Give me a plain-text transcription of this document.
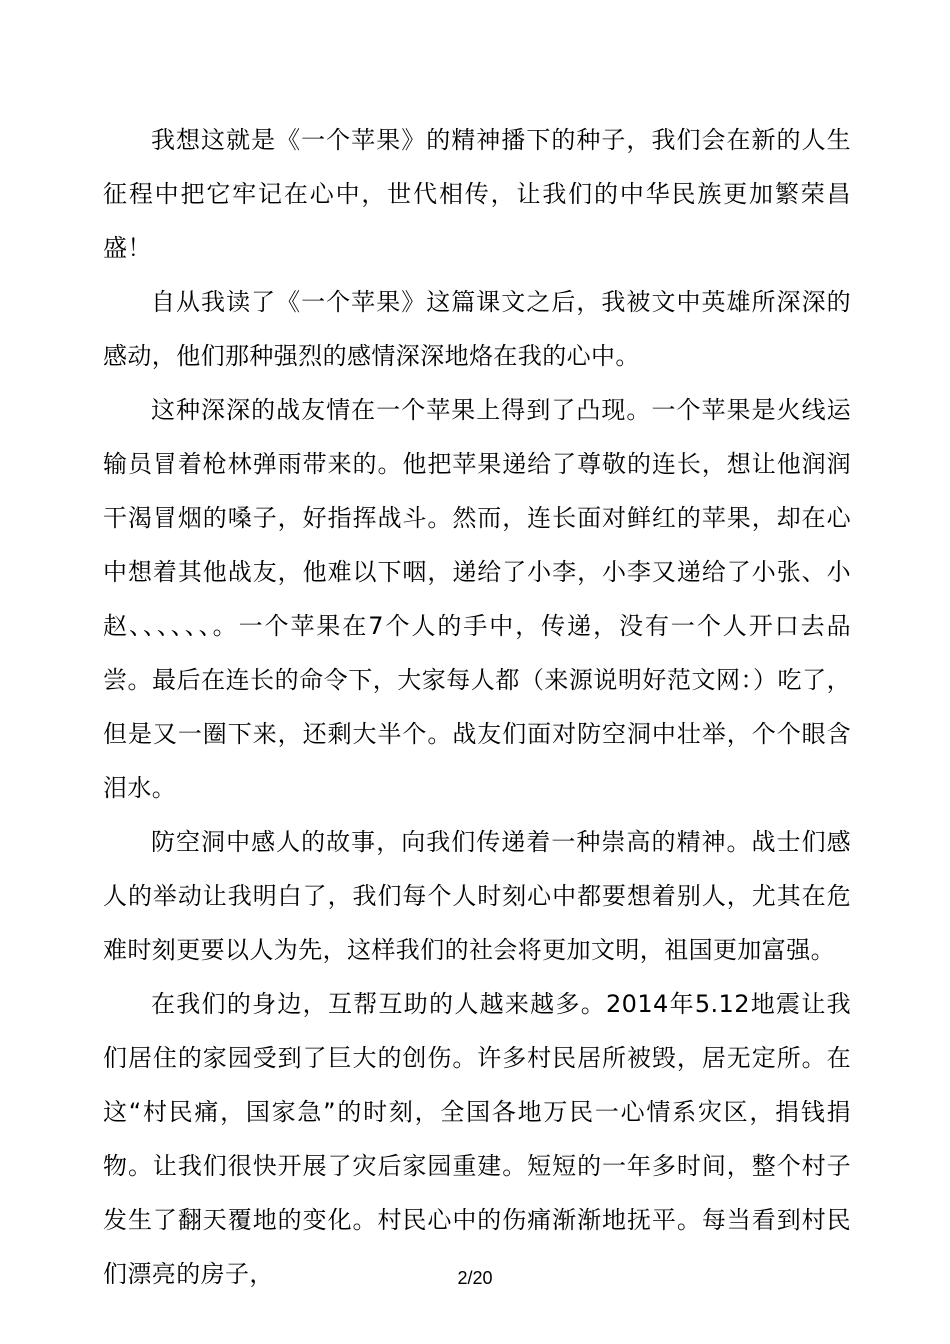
我想这就是《一个苹果》的精神播下的种子，我们会在新的人生征程中把它牢记在心中，世代相传，让我们的中华民族更加繁荣昌盛！

自从我读了《一个苹果》这篇课文之后，我被文中英雄所深深的感动，他们那种强烈的感情深深地烙在我的心中。

这种深深的战友情在一个苹果上得到了凸现。一个苹果是火线运输员冒着枪林弹雨带来的。他把苹果递给了尊敬的连长，想让他润润干渴冒烟的嗓子，好指挥战斗。然而，连长面对鲜红的苹果，却在心中想着其他战友，他难以下咽，递给了小李，小李又递给了小张、小赵、、、、、、。一个苹果在7个人的手中，传递，没有一个人开口去品尝。最后在连长的命令下，大家每人都（来源说明好范文网：）吃了，但是又一圈下来，还剩大半个。战友们面对防空洞中壮举，个个眼含泪水。

防空洞中感人的故事，向我们传递着一种崇高的精神。战士们感人的举动让我明白了，我们每个人时刻心中都要想着别人，尤其在危难时刻更要以人为先，这样我们的社会将更加文明，祖国更加富强。

在我们的身边，互帮互助的人越来越多。2014年5.12地震让我们居住的家园受到了巨大的创伤。许多村民居所被毁，居无定所。在这“村民痛，国家急”的时刻，全国各地万民一心情系灾区，捐钱捐物。让我们很快开展了灾后家园重建。短短的一年多时间，整个村子发生了翻天覆地的变化。村民心中的伤痛渐渐地抚平。每当看到村民们漂亮的房子，	2/20
